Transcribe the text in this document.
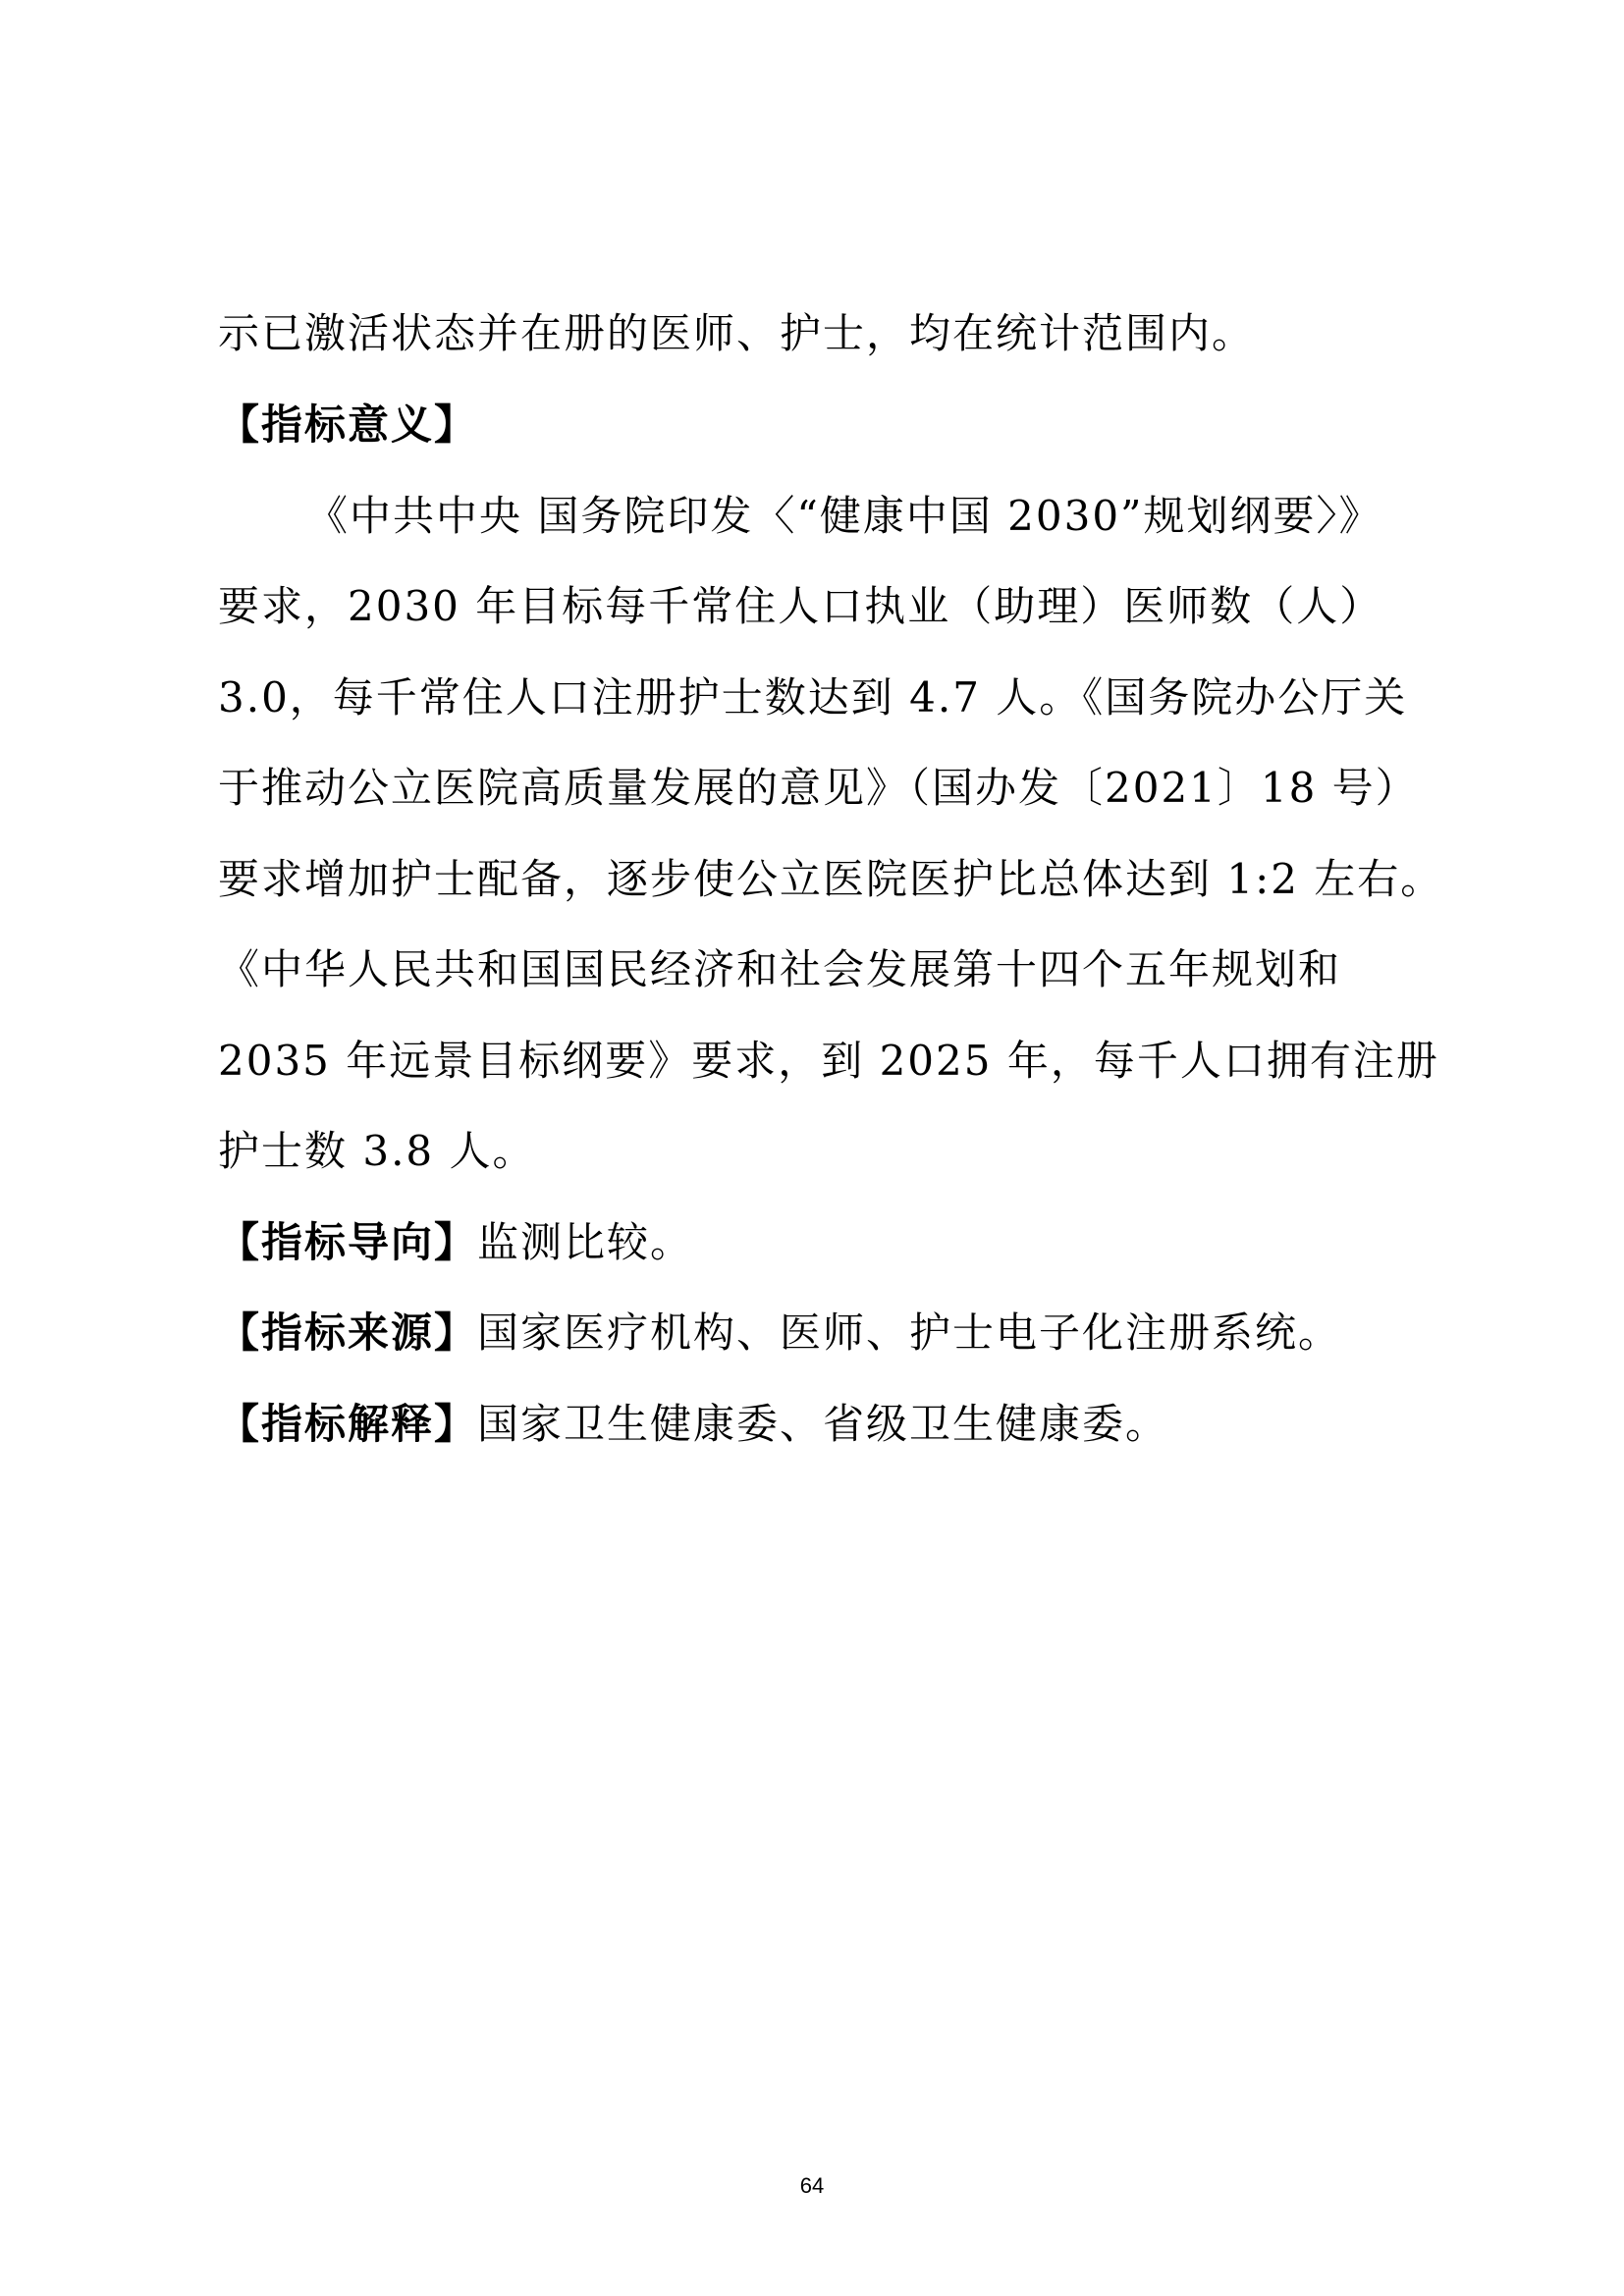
示已激活状态并在册的医师、护士，均在统计范围内。
【指标意义】
《中共中央 国务院印发〈“健康中国 2030”规划纲要〉》
要求，2030 年目标每千常住人口执业（助理）医师数（人）
3.0，每千常住人口注册护士数达到 4.7 人。《国务院办公厅关
于推动公立医院高质量发展的意见》（国办发〔2021〕18 号）
要求增加护士配备，逐步使公立医院医护比总体达到 1:2 左右。
《中华人民共和国国民经济和社会发展第十四个五年规划和
2035 年远景目标纲要》要求，到 2025 年，每千人口拥有注册
护士数 3.8 人。
【指标导向】监测比较。
【指标来源】国家医疗机构、医师、护士电子化注册系统。
【指标解释】国家卫生健康委、省级卫生健康委。
64
